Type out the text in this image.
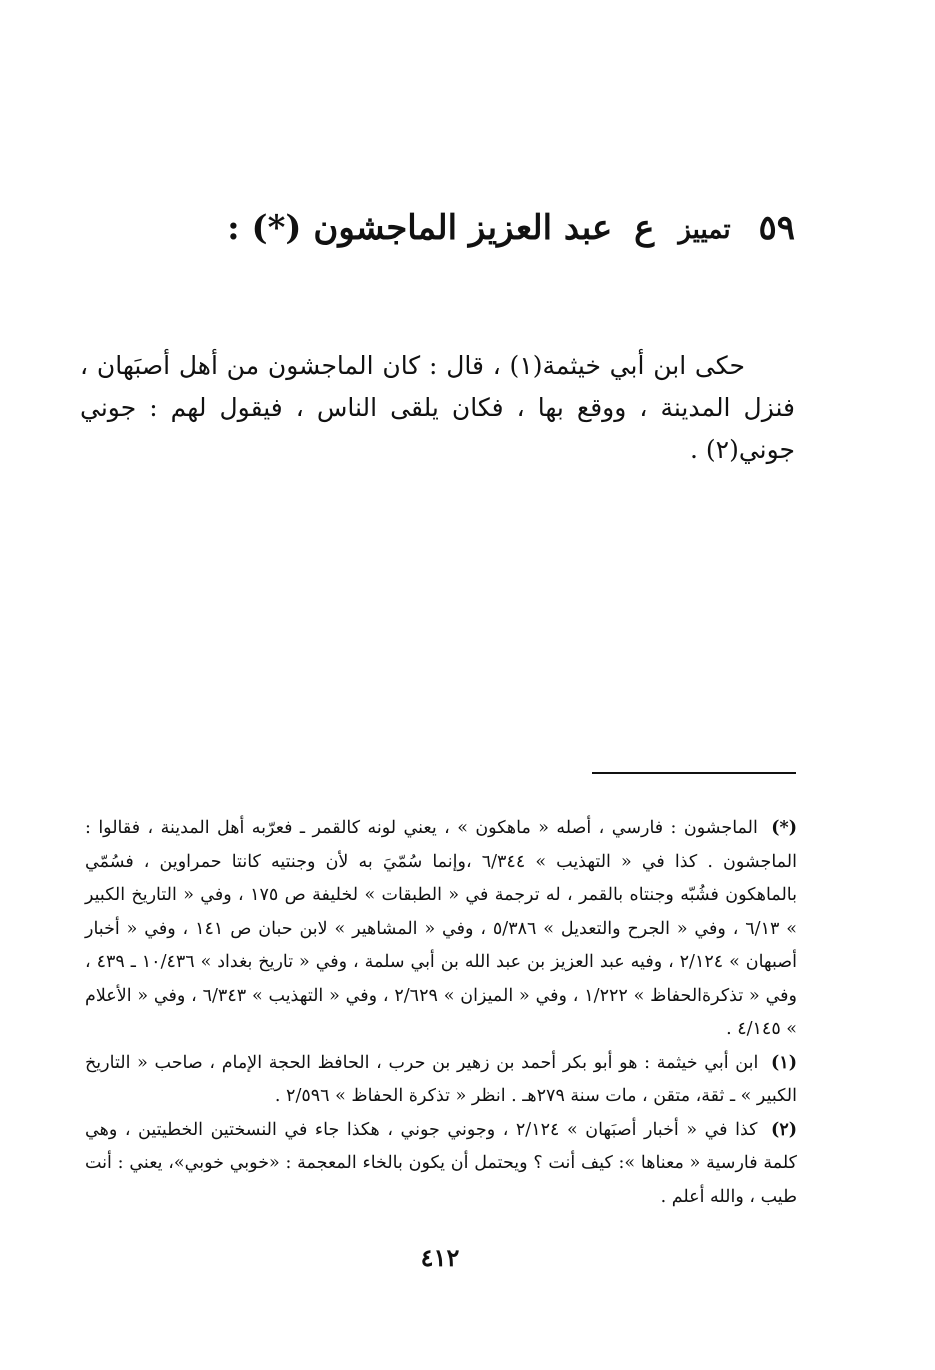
٥٩ تمييز ع عبد العزيز الماجشون (*) :

حكى ابن أبي خيثمة(١) ، قال : كان الماجشون من أهل أصبَهان ، فنزل المدينة ، ووقع بها ، فكان يلقى الناس ، فيقول لهم : جوني جوني(٢) .

(*) الماجشون : فارسي ، أصله « ماهكون » ، يعني لونه كالقمر ـ فعرّبه أهل المدينة ، فقالوا : الماجشون . كذا في « التهذيب » ٦/٣٤٤ ،وإنما سُمّيَ به لأن وجنتيه كانتا حمراوين ، فسُمّي بالماهكون فشُبّه وجنتاه بالقمر ، له ترجمة في « الطبقات » لخليفة ص ١٧٥ ، وفي « التاريخ الكبير » ٦/١٣ ، وفي « الجرح والتعديل » ٥/٣٨٦ ، وفي « المشاهير » لابن حبان ص ١٤١ ، وفي « أخبار أصبهان » ٢/١٢٤ ، وفيه عبد العزيز بن عبد الله بن أبي سلمة ، وفي « تاريخ بغداد » ١٠/٤٣٦ ـ ٤٣٩ ، وفي « تذكرةالحفاظ » ١/٢٢٢ ، وفي « الميزان » ٢/٦٢٩ ، وفي « التهذيب » ٦/٣٤٣ ، وفي « الأعلام » ٤/١٤٥ .

(١) ابن أبي خيثمة : هو أبو بكر أحمد بن زهير بن حرب ، الحافظ الحجة الإمام ، صاحب « التاريخ الكبير » ـ ثقة، متقن ، مات سنة ٢٧٩هـ . انظر « تذكرة الحفاظ » ٢/٥٩٦ .

(٢) كذا في « أخبار أصبَهان » ٢/١٢٤ ، وجوني جوني ، هكذا جاء في النسختين الخطيتين ، وهي كلمة فارسية « معناها »: كيف أنت ؟ ويحتمل أن يكون بالخاء المعجمة : «خوبي خوبي»، يعني : أنت طيب ، والله أعلم .

٤١٢
